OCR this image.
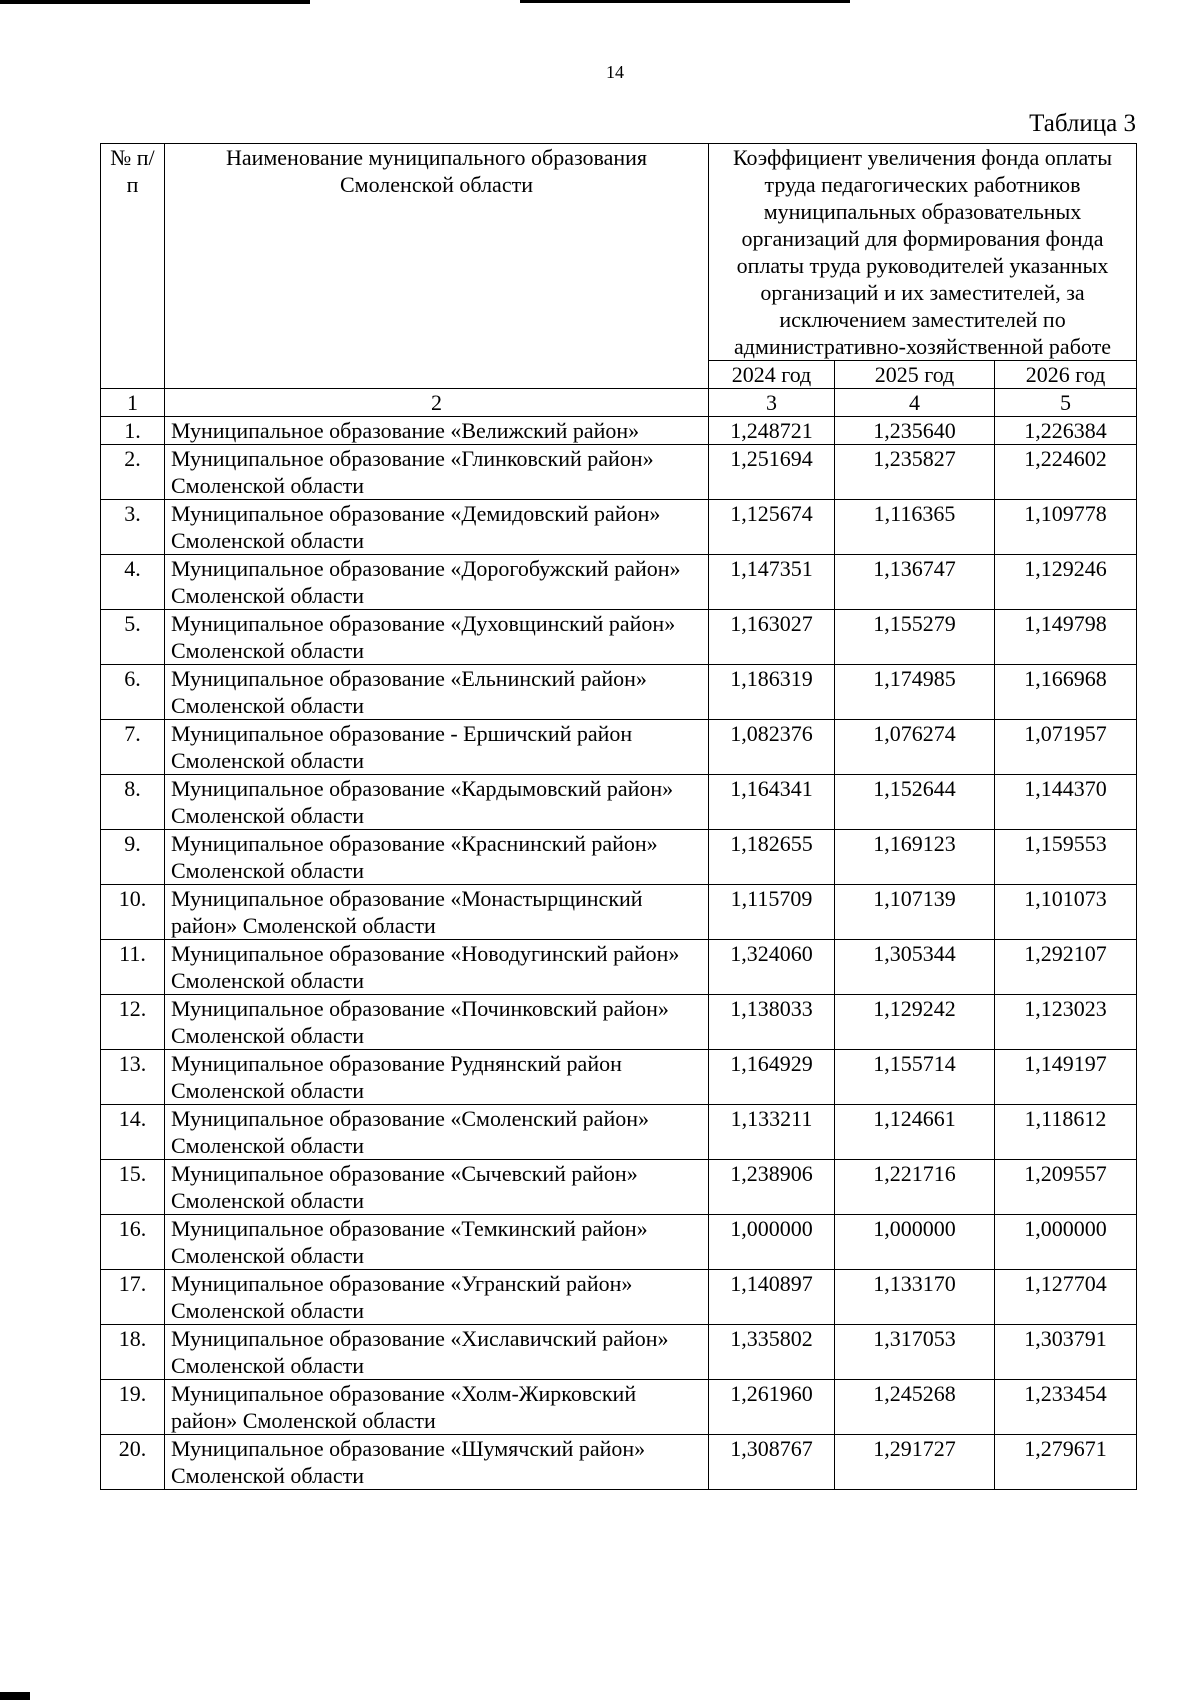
14
Таблица 3
№ п/п	Наименование муниципального образования Смоленской области	Коэффициент увеличения фонда оплаты труда педагогических работников муниципальных образовательных организаций для формирования фонда оплаты труда руководителей указанных организаций и их заместителей, за исключением заместителей по административно-хозяйственной работе		
		2024 год	2025 год	2026 год
1	2	3	4	5
1.	Муниципальное образование «Велижский район»	1,248721	1,235640	1,226384
2.	Муниципальное образование «Глинковский район» Смоленской области	1,251694	1,235827	1,224602
3.	Муниципальное образование «Демидовский район» Смоленской области	1,125674	1,116365	1,109778
4.	Муниципальное образование «Дорогобужский район» Смоленской области	1,147351	1,136747	1,129246
5.	Муниципальное образование «Духовщинский район» Смоленской области	1,163027	1,155279	1,149798
6.	Муниципальное образование «Ельнинский район» Смоленской области	1,186319	1,174985	1,166968
7.	Муниципальное образование - Ершичский район Смоленской области	1,082376	1,076274	1,071957
8.	Муниципальное образование «Кардымовский район» Смоленской области	1,164341	1,152644	1,144370
9.	Муниципальное образование «Краснинский район» Смоленской области	1,182655	1,169123	1,159553
10.	Муниципальное образование «Монастырщинский район» Смоленской области	1,115709	1,107139	1,101073
11.	Муниципальное образование «Новодугинский район» Смоленской области	1,324060	1,305344	1,292107
12.	Муниципальное образование «Починковский район» Смоленской области	1,138033	1,129242	1,123023
13.	Муниципальное образование Руднянский район Смоленской области	1,164929	1,155714	1,149197
14.	Муниципальное образование «Смоленский район» Смоленской области	1,133211	1,124661	1,118612
15.	Муниципальное образование «Сычевский район» Смоленской области	1,238906	1,221716	1,209557
16.	Муниципальное образование «Темкинский район» Смоленской области	1,000000	1,000000	1,000000
17.	Муниципальное образование «Угранский район» Смоленской области	1,140897	1,133170	1,127704
18.	Муниципальное образование «Хиславичский район» Смоленской области	1,335802	1,317053	1,303791
19.	Муниципальное образование «Холм-Жирковский район» Смоленской области	1,261960	1,245268	1,233454
20.	Муниципальное образование «Шумячский район» Смоленской области	1,308767	1,291727	1,279671
